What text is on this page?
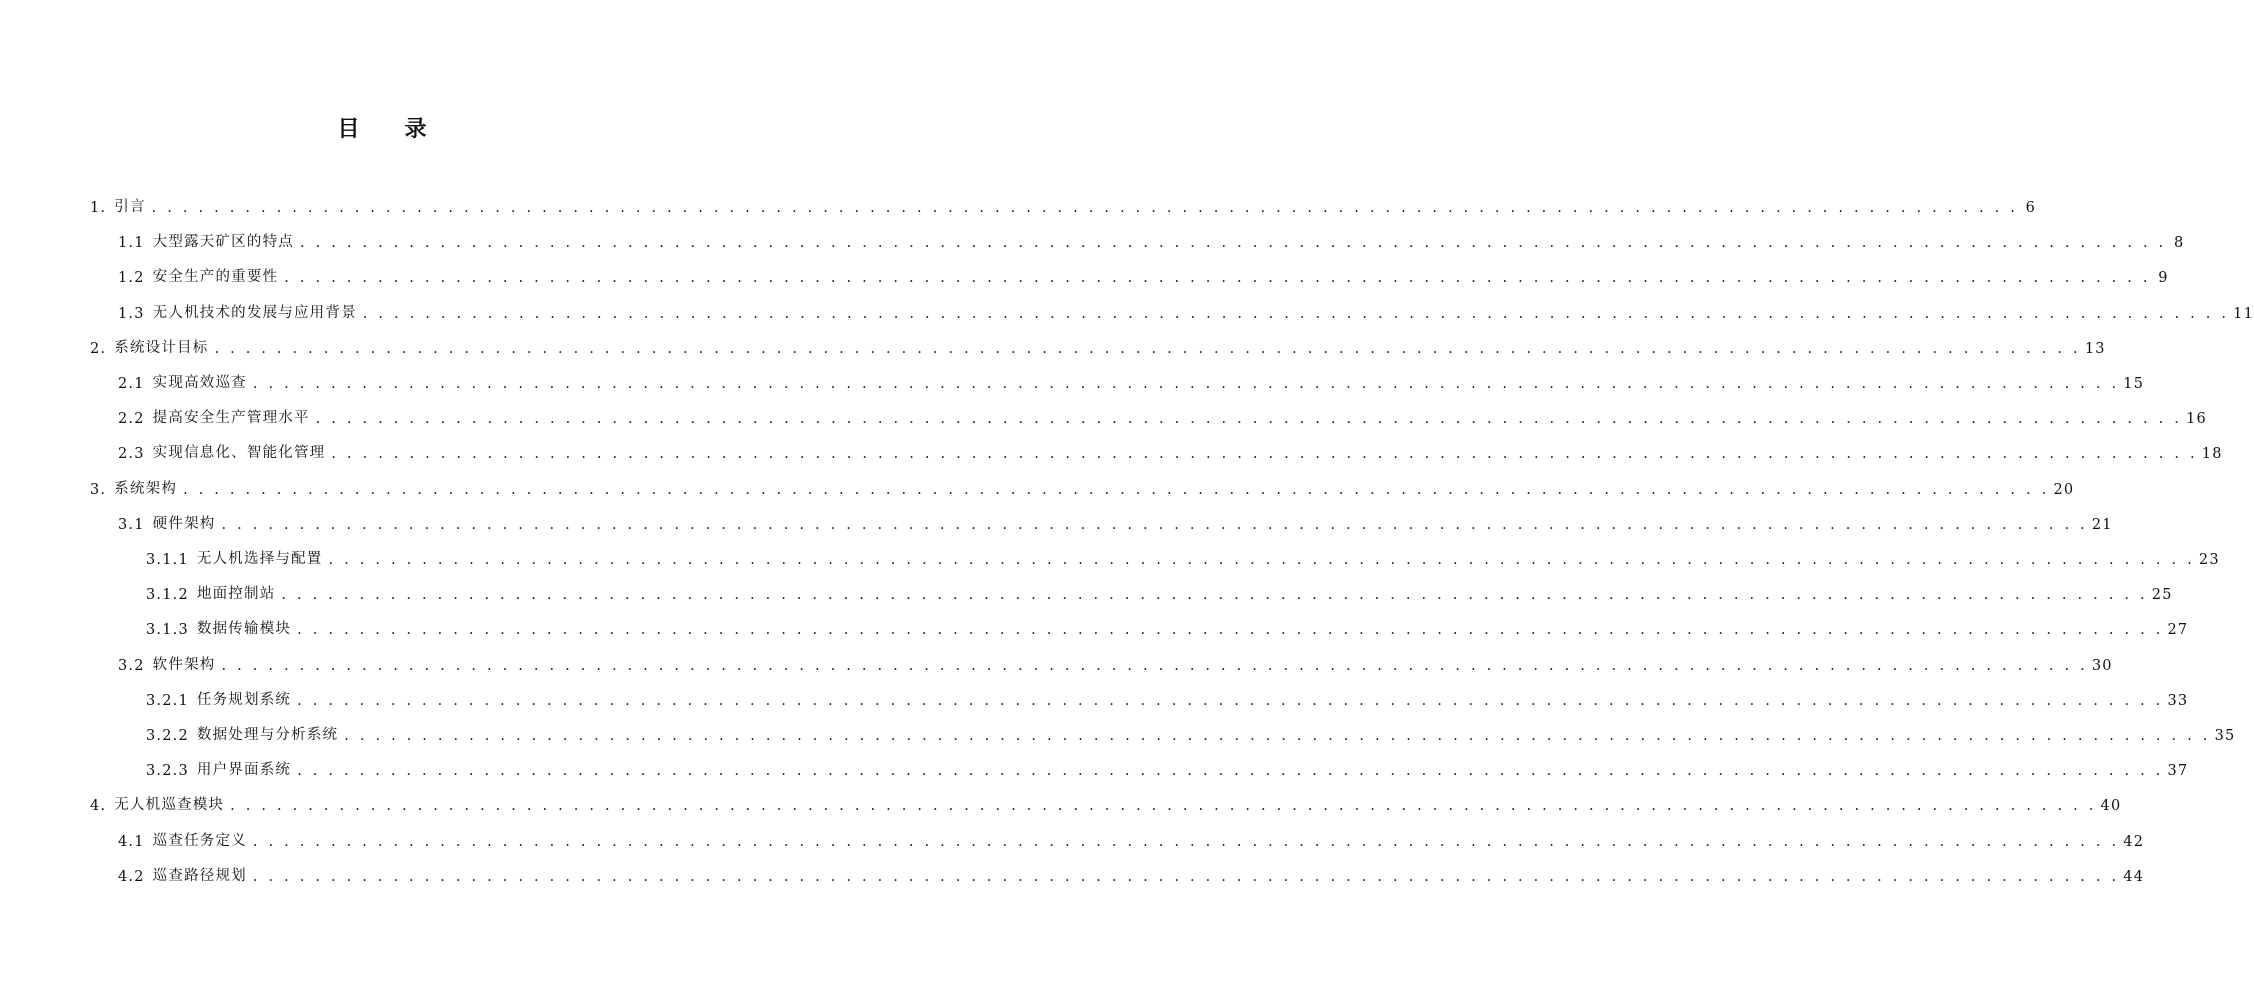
目 录
1. 引言 . . . . . . . . . . . . . . . . . . . . . . . . . . . . . . . . . . . . . . . . . . . . . . . . . . . . . . . . . . . . . . . . . . . . . . . . . . . . . . . . . . . . . . . . . . . . . . . . . . . . . . . . . . . . . . . . . . . . . . . . 6
1.1 大型露天矿区的特点 . . . . . . . . . . . . . . . . . . . . . . . . . . . . . . . . . . . . . . . . . . . . . . . . . . . . . . . . . . . . . . . . . . . . . . . . . . . . . . . . . . . . . . . . . . . . . . . . . . . . . . . . . . . . . . . . . . . . . . . . 8
1.2 安全生产的重要性 . . . . . . . . . . . . . . . . . . . . . . . . . . . . . . . . . . . . . . . . . . . . . . . . . . . . . . . . . . . . . . . . . . . . . . . . . . . . . . . . . . . . . . . . . . . . . . . . . . . . . . . . . . . . . . . . . . . . . . . . 9
1.3 无人机技术的发展与应用背景 . . . . . . . . . . . . . . . . . . . . . . . . . . . . . . . . . . . . . . . . . . . . . . . . . . . . . . . . . . . . . . . . . . . . . . . . . . . . . . . . . . . . . . . . . . . . . . . . . . . . . . . . . . . . . . . . . . . . . . . . 11
2. 系统设计目标 . . . . . . . . . . . . . . . . . . . . . . . . . . . . . . . . . . . . . . . . . . . . . . . . . . . . . . . . . . . . . . . . . . . . . . . . . . . . . . . . . . . . . . . . . . . . . . . . . . . . . . . . . . . . . . . . . . . . . . . . 13
2.1 实现高效巡查 . . . . . . . . . . . . . . . . . . . . . . . . . . . . . . . . . . . . . . . . . . . . . . . . . . . . . . . . . . . . . . . . . . . . . . . . . . . . . . . . . . . . . . . . . . . . . . . . . . . . . . . . . . . . . . . . . . . . . . . . 15
2.2 提高安全生产管理水平 . . . . . . . . . . . . . . . . . . . . . . . . . . . . . . . . . . . . . . . . . . . . . . . . . . . . . . . . . . . . . . . . . . . . . . . . . . . . . . . . . . . . . . . . . . . . . . . . . . . . . . . . . . . . . . . . . . . . . . . . 16
2.3 实现信息化、智能化管理 . . . . . . . . . . . . . . . . . . . . . . . . . . . . . . . . . . . . . . . . . . . . . . . . . . . . . . . . . . . . . . . . . . . . . . . . . . . . . . . . . . . . . . . . . . . . . . . . . . . . . . . . . . . . . . . . . . . . . . . . 18
3. 系统架构 . . . . . . . . . . . . . . . . . . . . . . . . . . . . . . . . . . . . . . . . . . . . . . . . . . . . . . . . . . . . . . . . . . . . . . . . . . . . . . . . . . . . . . . . . . . . . . . . . . . . . . . . . . . . . . . . . . . . . . . . 20
3.1 硬件架构 . . . . . . . . . . . . . . . . . . . . . . . . . . . . . . . . . . . . . . . . . . . . . . . . . . . . . . . . . . . . . . . . . . . . . . . . . . . . . . . . . . . . . . . . . . . . . . . . . . . . . . . . . . . . . . . . . . . . . . . . 21
3.1.1 无人机选择与配置 . . . . . . . . . . . . . . . . . . . . . . . . . . . . . . . . . . . . . . . . . . . . . . . . . . . . . . . . . . . . . . . . . . . . . . . . . . . . . . . . . . . . . . . . . . . . . . . . . . . . . . . . . . . . . . . . . . . . . . . . 23
3.1.2 地面控制站 . . . . . . . . . . . . . . . . . . . . . . . . . . . . . . . . . . . . . . . . . . . . . . . . . . . . . . . . . . . . . . . . . . . . . . . . . . . . . . . . . . . . . . . . . . . . . . . . . . . . . . . . . . . . . . . . . . . . . . . . 25
3.1.3 数据传输模块 . . . . . . . . . . . . . . . . . . . . . . . . . . . . . . . . . . . . . . . . . . . . . . . . . . . . . . . . . . . . . . . . . . . . . . . . . . . . . . . . . . . . . . . . . . . . . . . . . . . . . . . . . . . . . . . . . . . . . . . . 27
3.2 软件架构 . . . . . . . . . . . . . . . . . . . . . . . . . . . . . . . . . . . . . . . . . . . . . . . . . . . . . . . . . . . . . . . . . . . . . . . . . . . . . . . . . . . . . . . . . . . . . . . . . . . . . . . . . . . . . . . . . . . . . . . . 30
3.2.1 任务规划系统 . . . . . . . . . . . . . . . . . . . . . . . . . . . . . . . . . . . . . . . . . . . . . . . . . . . . . . . . . . . . . . . . . . . . . . . . . . . . . . . . . . . . . . . . . . . . . . . . . . . . . . . . . . . . . . . . . . . . . . . . 33
3.2.2 数据处理与分析系统 . . . . . . . . . . . . . . . . . . . . . . . . . . . . . . . . . . . . . . . . . . . . . . . . . . . . . . . . . . . . . . . . . . . . . . . . . . . . . . . . . . . . . . . . . . . . . . . . . . . . . . . . . . . . . . . . . . . . . . . . 35
3.2.3 用户界面系统 . . . . . . . . . . . . . . . . . . . . . . . . . . . . . . . . . . . . . . . . . . . . . . . . . . . . . . . . . . . . . . . . . . . . . . . . . . . . . . . . . . . . . . . . . . . . . . . . . . . . . . . . . . . . . . . . . . . . . . . . 37
4. 无人机巡查模块 . . . . . . . . . . . . . . . . . . . . . . . . . . . . . . . . . . . . . . . . . . . . . . . . . . . . . . . . . . . . . . . . . . . . . . . . . . . . . . . . . . . . . . . . . . . . . . . . . . . . . . . . . . . . . . . . . . . . . . . . 40
4.1 巡查任务定义 . . . . . . . . . . . . . . . . . . . . . . . . . . . . . . . . . . . . . . . . . . . . . . . . . . . . . . . . . . . . . . . . . . . . . . . . . . . . . . . . . . . . . . . . . . . . . . . . . . . . . . . . . . . . . . . . . . . . . . . . 42
4.2 巡查路径规划 . . . . . . . . . . . . . . . . . . . . . . . . . . . . . . . . . . . . . . . . . . . . . . . . . . . . . . . . . . . . . . . . . . . . . . . . . . . . . . . . . . . . . . . . . . . . . . . . . . . . . . . . . . . . . . . . . . . . . . . . 44
